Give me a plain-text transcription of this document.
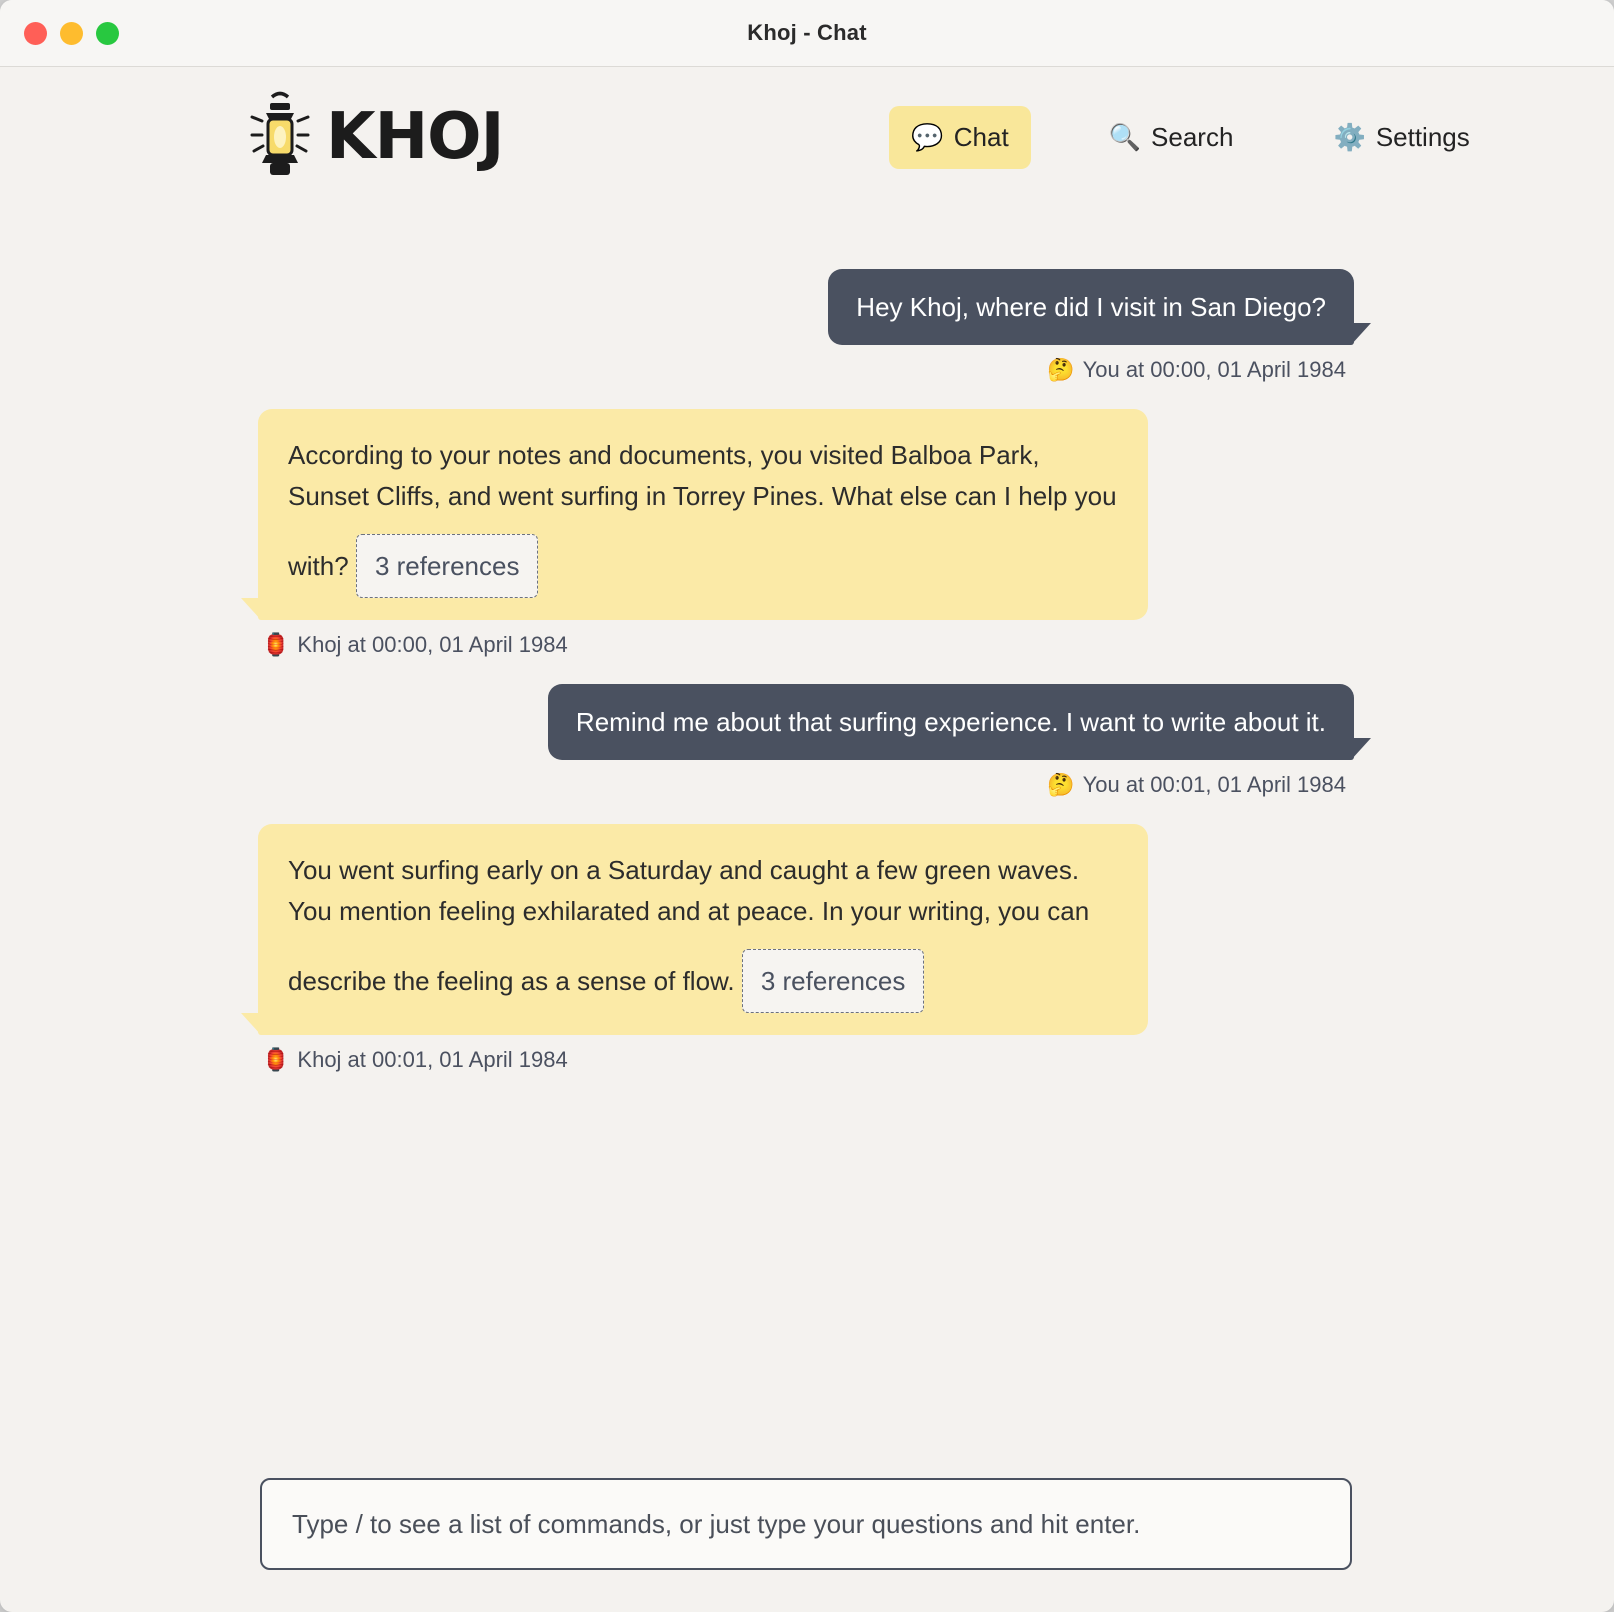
Khoj - Chat
KHOJ	💬 Chat	🔍 Search	⚙️ Settings
Hey Khoj, where did I visit in San Diego?
🤔 You at 00:00, 01 April 1984
According to your notes and documents, you visited Balboa Park, Sunset Cliffs, and went surfing in Torrey Pines. What else can I help you with? 3 references
🏮 Khoj at 00:00, 01 April 1984
Remind me about that surfing experience. I want to write about it.
🤔 You at 00:01, 01 April 1984
You went surfing early on a Saturday and caught a few green waves. You mention feeling exhilarated and at peace. In your writing, you can describe the feeling as a sense of flow. 3 references
🏮 Khoj at 00:01, 01 April 1984
Type / to see a list of commands, or just type your questions and hit enter.
